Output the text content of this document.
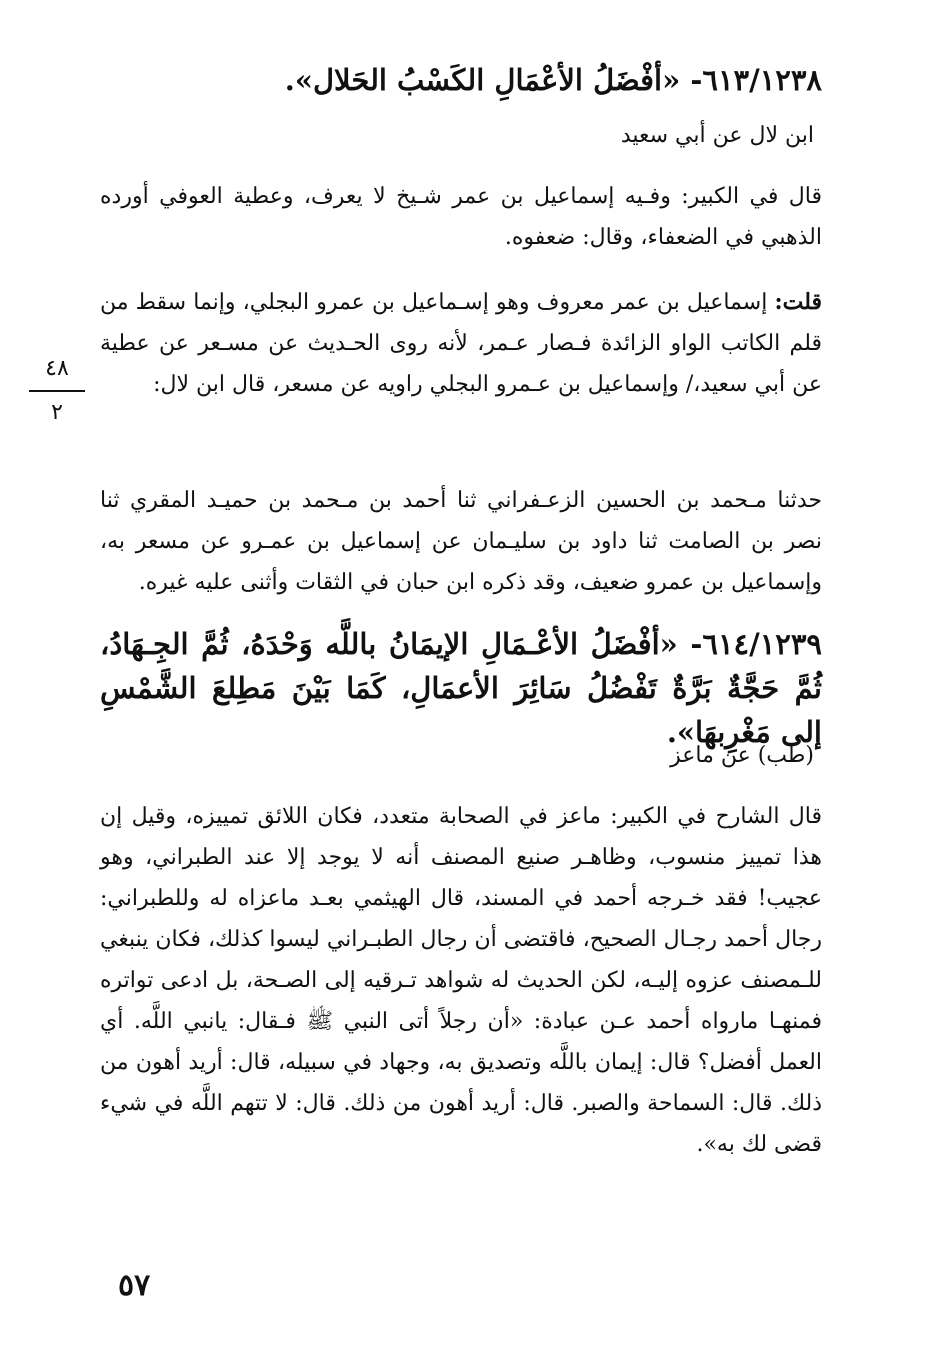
٦١٣/١٢٣٨- «أفْضَلُ الأعْمَالِ الكَسْبُ الحَلال».
ابن لال عن أبي سعيد
قال في الكبير: وفـيه إسماعيل بن عمر شـيخ لا يعرف، وعطية العوفي أورده الذهبي في الضعفاء، وقال: ضعفوه.
قلت: إسماعيل بن عمر معروف وهو إسـماعيل بن عمرو البجلي، وإنما سقط من قلم الكاتب الواو الزائدة فـصار عـمر، لأنه روى الحـديث عن مسـعر عن عطية عن أبي سعيد،/ وإسماعيل بن عـمرو البجلي راويه عن مسعر، قال ابن لال:
٤٨
٢
حدثنا مـحمد بن الحسين الزعـفراني ثنا أحمد بن مـحمد بن حميـد المقري ثنا نصر بن الصامت ثنا داود بن سليـمان عن إسماعيل بن عمـرو عن مسعر به، وإسماعيل بن عمرو ضعيف، وقد ذكره ابن حبان في الثقات وأثنى عليه غيره.
٦١٤/١٢٣٩- «أفْضَلُ الأعْـمَالِ الإيمَانُ باللَّه وَحْدَهُ، ثُمَّ الجِـهَادُ، ثُمَّ حَجَّةٌ بَرَّةٌ تَفْضُلُ سَائِرَ الأعمَالِ، كَمَا بَيْنَ مَطِلعَ الشَّمْسِ إلى مَغْرِبهَا».
(طب) عن ماعز
قال الشارح في الكبير: ماعز في الصحابة متعدد، فكان اللائق تمييزه، وقيل إن هذا تمييز منسوب، وظاهـر صنيع المصنف أنه لا يوجد إلا عند الطبراني، وهو عجيب! فقد خـرجه أحمد في المسند، قال الهيثمي بعـد ماعزاه له وللطبراني: رجال أحمد رجـال الصحيح، فاقتضى أن رجال الطبـراني ليسوا كذلك، فكان ينبغي للـمصنف عزوه إليـه، لكن الحديث له شواهد تـرقيه إلى الصـحة، بل ادعى تواتره فمنهـا مارواه أحمد عـن عبادة: «أن رجلاً أتى النبي ﷺ فـقال: يانبي اللَّه. أي العمل أفضل؟ قال: إيمان باللَّه وتصديق به، وجهاد في سبيله، قال: أريد أهون من ذلك. قال: السماحة والصبر. قال: أريد أهون من ذلك. قال: لا تتهم اللَّه في شيء قضى لك به».
٥٧
